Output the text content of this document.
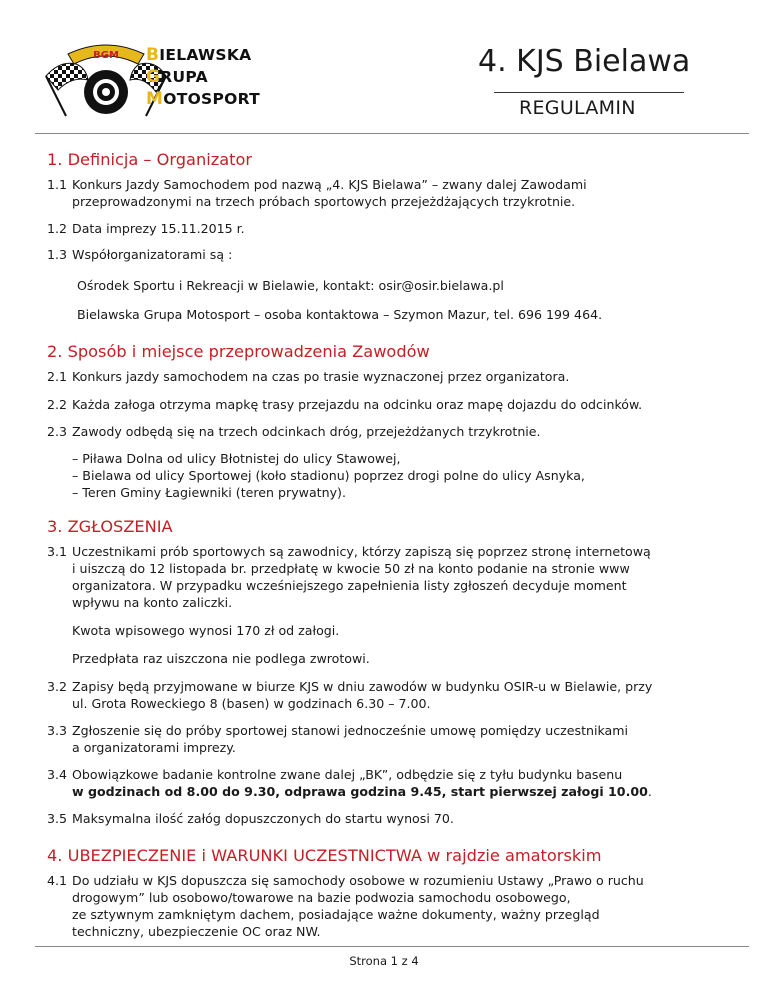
BGM BIELAWSKA
GRUPA
MOTOSPORT
4. KJS Bielawa
REGULAMIN
1. Definicja – Organizator
1.1 Konkurs Jazdy Samochodem pod nazwą „4. KJS Bielawa” – zwany dalej Zawodami
przeprowadzonymi na trzech próbach sportowych przejeżdżających trzykrotnie.
1.2 Data imprezy 15.11.2015 r.
1.3 Współorganizatorami są :
Ośrodek Sportu i Rekreacji w Bielawie, kontakt: osir@osir.bielawa.pl
Bielawska Grupa Motosport – osoba kontaktowa – Szymon Mazur, tel. 696 199 464.
2. Sposób i miejsce przeprowadzenia Zawodów
2.1 Konkurs jazdy samochodem na czas po trasie wyznaczonej przez organizatora.
2.2 Każda załoga otrzyma mapkę trasy przejazdu na odcinku oraz mapę dojazdu do odcinków.
2.3 Zawody odbędą się na trzech odcinkach dróg, przejeżdżanych trzykrotnie.
– Piława Dolna od ulicy Błotnistej do ulicy Stawowej,
– Bielawa od ulicy Sportowej (koło stadionu) poprzez drogi polne do ulicy Asnyka,
– Teren Gminy Łagiewniki (teren prywatny).
3. ZGŁOSZENIA
3.1 Uczestnikami prób sportowych są zawodnicy, którzy zapiszą się poprzez stronę internetową
i uiszczą do 12 listopada br. przedpłatę w kwocie 50 zł na konto podanie na stronie www
organizatora. W przypadku wcześniejszego zapełnienia listy zgłoszeń decyduje moment
wpływu na konto zaliczki.
Kwota wpisowego wynosi 170 zł od załogi.
Przedpłata raz uiszczona nie podlega zwrotowi.
3.2 Zapisy będą przyjmowane w biurze KJS w dniu zawodów w budynku OSIR-u w Bielawie, przy
ul. Grota Roweckiego 8 (basen) w godzinach 6.30 – 7.00.
3.3 Zgłoszenie się do próby sportowej stanowi jednocześnie umowę pomiędzy uczestnikami
a organizatorami imprezy.
3.4 Obowiązkowe badanie kontrolne zwane dalej „BK”, odbędzie się z tyłu budynku basenu
w godzinach od 8.00 do 9.30, odprawa godzina 9.45, start pierwszej załogi 10.00.
3.5 Maksymalna ilość załóg dopuszczonych do startu wynosi 70.
4. UBEZPIECZENIE i WARUNKI UCZESTNICTWA w rajdzie amatorskim
4.1 Do udziału w KJS dopuszcza się samochody osobowe w rozumieniu Ustawy „Prawo o ruchu
drogowym” lub osobowo/towarowe na bazie podwozia samochodu osobowego,
ze sztywnym zamkniętym dachem, posiadające ważne dokumenty, ważny przegląd
techniczny, ubezpieczenie OC oraz NW.
Strona 1 z 4
